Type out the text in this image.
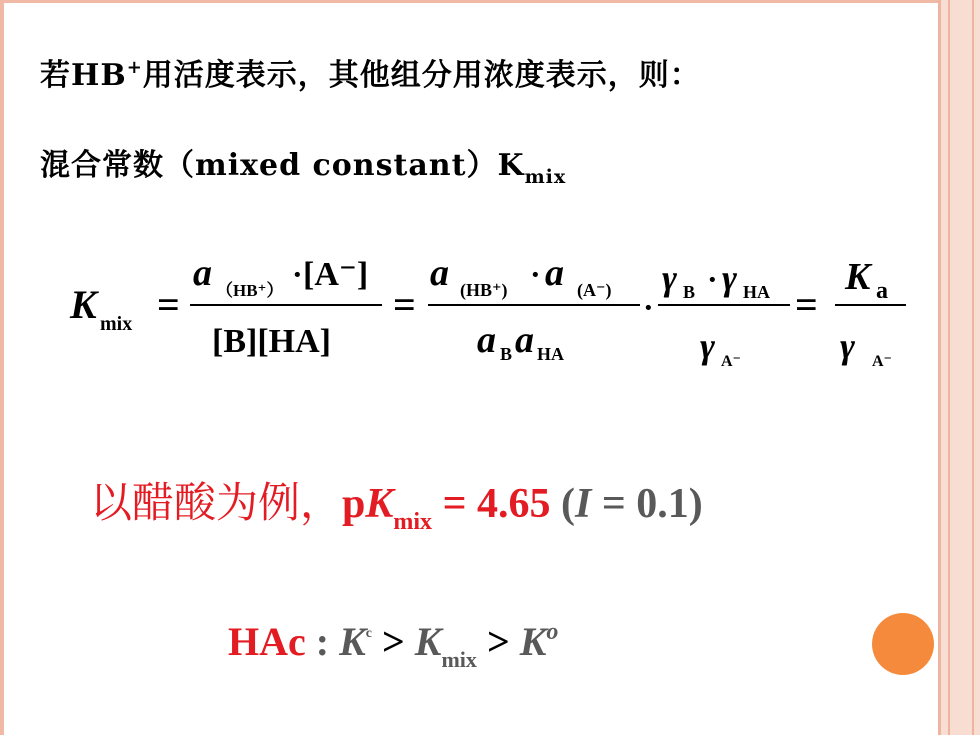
若HB+用活度表示，其他组分用浓度表示，则：
混合常数（mixed $constant)K_{mix}$
K mix =
a （HB⁺） · [A⁻]
[B][HA]
=
a (HB⁺) · a (A⁻)
a B a HA
·
γ B · γ HA
γ A⁻
=
K a
γ A⁻
以醋酸为例，pKmix = 4.65 (I = 0.1)
HAc : $K^c > K_{mix} > K^o$
